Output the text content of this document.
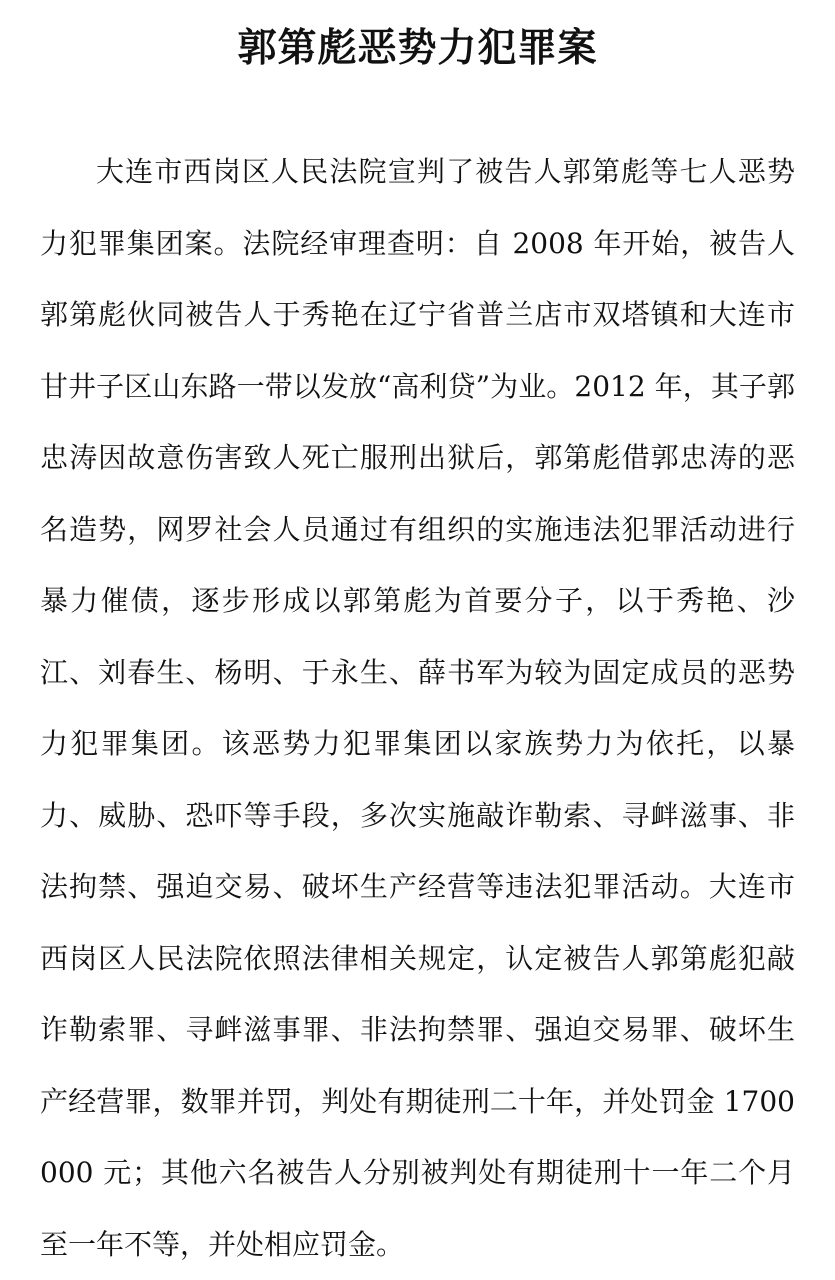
郭第彪恶势力犯罪案

大连市西岗区人民法院宣判了被告人郭第彪等七人恶势力犯罪集团案。法院经审理查明：自 2008 年开始，被告人郭第彪伙同被告人于秀艳在辽宁省普兰店市双塔镇和大连市甘井子区山东路一带以发放“高利贷”为业。2012 年，其子郭忠涛因故意伤害致人死亡服刑出狱后，郭第彪借郭忠涛的恶名造势，网罗社会人员通过有组织的实施违法犯罪活动进行暴力催债，逐步形成以郭第彪为首要分子，以于秀艳、沙江、刘春生、杨明、于永生、薛书军为较为固定成员的恶势力犯罪集团。该恶势力犯罪集团以家族势力为依托，以暴力、威胁、恐吓等手段，多次实施敲诈勒索、寻衅滋事、非法拘禁、强迫交易、破坏生产经营等违法犯罪活动。大连市西岗区人民法院依照法律相关规定，认定被告人郭第彪犯敲诈勒索罪、寻衅滋事罪、非法拘禁罪、强迫交易罪、破坏生产经营罪，数罪并罚，判处有期徒刑二十年，并处罚金 1700000 元；其他六名被告人分别被判处有期徒刑十一年二个月至一年不等，并处相应罚金。
